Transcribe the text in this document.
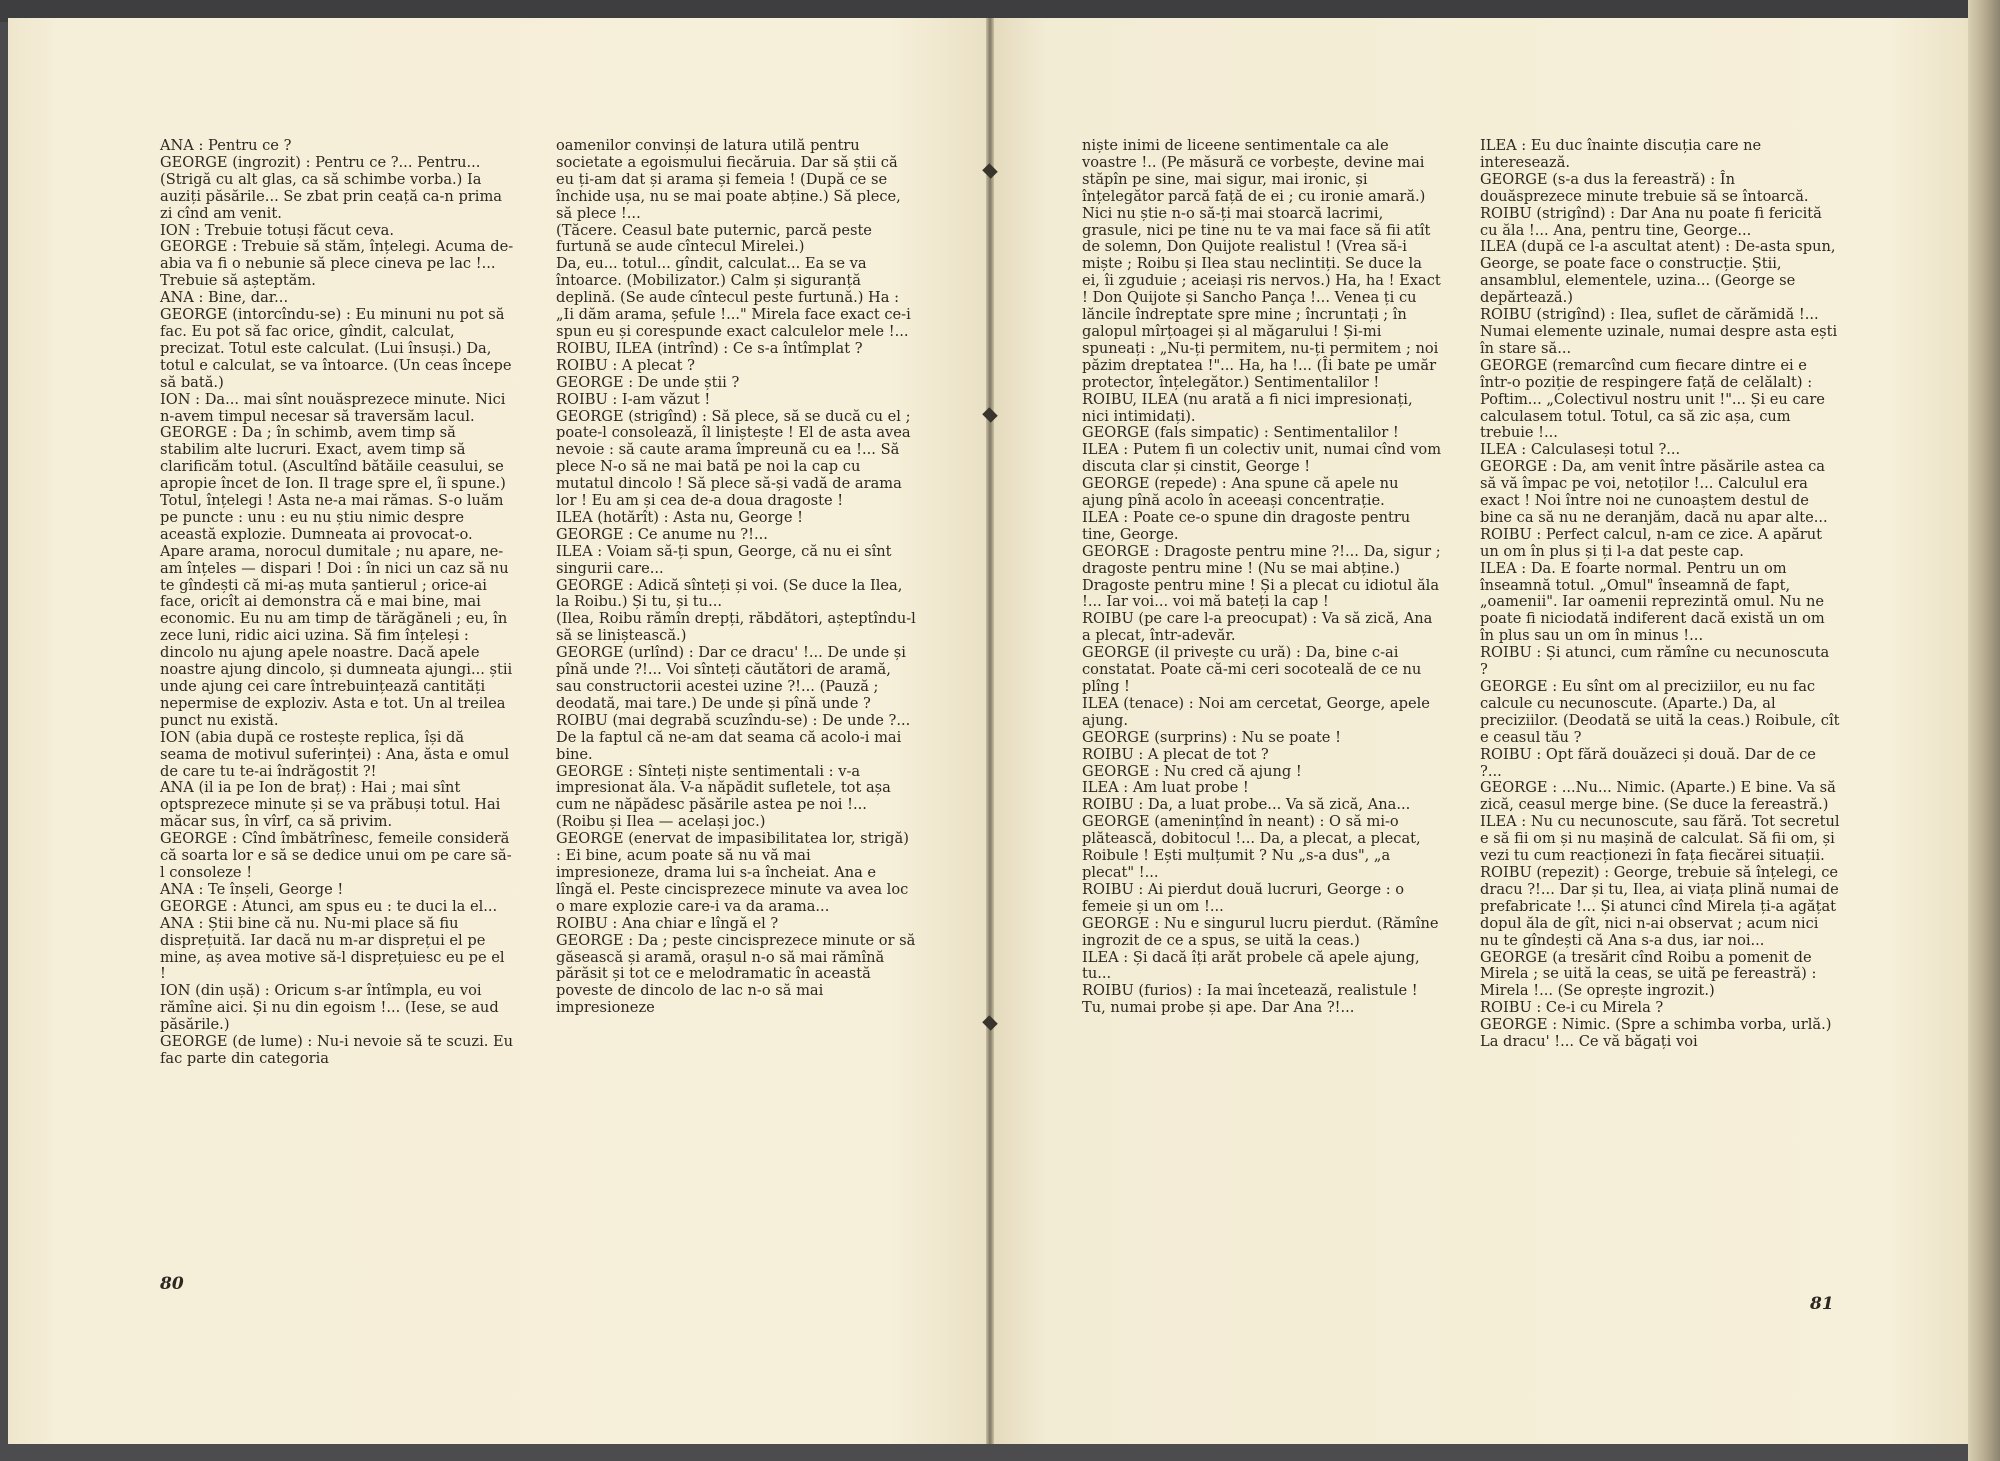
ANA : Pentru ce ?

GEORGE (ingrozit) : Pentru ce ?... Pentru... (Strigă cu alt glas, ca să schimbe vorba.) Ia auziți păsările... Se zbat prin ceață ca-n prima zi cînd am venit.

ION : Trebuie totuși făcut ceva.

GEORGE : Trebuie să stăm, înțelegi. Acuma de-abia va fi o nebunie să plece cineva pe lac !... Trebuie să așteptăm.

ANA : Bine, dar...

GEORGE (intorcîndu-se) : Eu minuni nu pot să fac. Eu pot să fac orice, gîndit, calculat, precizat. Totul este calculat. (Lui însuși.) Da, totul e calculat, se va întoarce. (Un ceas începe să bată.)

ION : Da... mai sînt nouăsprezece minute. Nici n-avem timpul necesar să traversăm lacul.

GEORGE : Da ; în schimb, avem timp să stabilim alte lucruri. Exact, avem timp să clarificăm totul. (Ascultînd bătăile ceasului, se apropie încet de Ion. Il trage spre el, îi spune.) Totul, înțelegi ! Asta ne-a mai rămas. S-o luăm pe puncte : unu : eu nu știu nimic despre această explozie. Dumneata ai provocat-o. Apare arama, norocul dumitale ; nu apare, ne-am înțeles — dispari ! Doi : în nici un caz să nu te gîndești că mi-aș muta șantierul ; orice-ai face, oricît ai demonstra că e mai bine, mai economic. Eu nu am timp de tărăgăneli ; eu, în zece luni, ridic aici uzina. Să fim înțeleși : dincolo nu ajung apele noastre. Dacă apele noastre ajung dincolo, și dumneata ajungi... știi unde ajung cei care întrebuințează cantități nepermise de exploziv. Asta e tot. Un al treilea punct nu există.

ION (abia după ce rostește replica, își dă seama de motivul suferinței) : Ana, ăsta e omul de care tu te-ai îndrăgostit ?!

ANA (il ia pe Ion de braț) : Hai ; mai sînt optsprezece minute și se va prăbuși totul. Hai măcar sus, în vîrf, ca să privim.

GEORGE : Cînd îmbătrînesc, femeile consideră că soarta lor e să se dedice unui om pe care să-l consoleze !

ANA : Te înșeli, George !

GEORGE : Atunci, am spus eu : te duci la el...

ANA : Știi bine că nu. Nu-mi place să fiu disprețuită. Iar dacă nu m-ar disprețui el pe mine, aș avea motive să-l disprețuiesc eu pe el !

ION (din ușă) : Oricum s-ar întîmpla, eu voi rămîne aici. Și nu din egoism !... (Iese, se aud păsările.)

GEORGE (de lume) : Nu-i nevoie să te scuzi. Eu fac parte din categoria

oamenilor convinși de latura utilă pentru societate a egoismului fiecăruia. Dar să știi că eu ți-am dat și arama și femeia ! (După ce se închide ușa, nu se mai poate abține.) Să plece, să plece !...

(Tăcere. Ceasul bate puternic, parcă peste furtună se aude cîntecul Mirelei.)

Da, eu... totul... gîndit, calculat... Ea se va întoarce. (Mobilizator.) Calm și siguranță deplină. (Se aude cîntecul peste furtună.) Ha : „Ii dăm arama, șefule !..." Mirela face exact ce-i spun eu și corespunde exact calculelor mele !...

ROIBU, ILEA (intrînd) : Ce s-a întîmplat ?

ROIBU : A plecat ?

GEORGE : De unde știi ?

ROIBU : I-am văzut !

GEORGE (strigînd) : Să plece, să se ducă cu el ; poate-l consolează, îl liniștește ! El de asta avea nevoie : să caute arama împreună cu ea !... Să plece N-o să ne mai bată pe noi la cap cu mutatul dincolo ! Să plece să-și vadă de arama lor ! Eu am și cea de-a doua dragoste !

ILEA (hotărît) : Asta nu, George !

GEORGE : Ce anume nu ?!...

ILEA : Voiam să-ți spun, George, că nu ei sînt singurii care...

GEORGE : Adică sînteți și voi. (Se duce la Ilea, la Roibu.) Și tu, și tu...

(Ilea, Roibu rămîn drepți, răbdători, așteptîndu-l să se liniștească.)

GEORGE (urlînd) : Dar ce dracu' !... De unde și pînă unde ?!... Voi sînteți căutători de aramă, sau constructorii acestei uzine ?!... (Pauză ; deodată, mai tare.) De unde și pînă unde ?

ROIBU (mai degrabă scuzîndu-se) : De unde ?... De la faptul că ne-am dat seama că acolo-i mai bine.

GEORGE : Sînteți niște sentimentali : v-a impresionat ăla. V-a năpădit sufletele, tot așa cum ne năpădesc păsările astea pe noi !...

(Roibu și Ilea — același joc.)

GEORGE (enervat de impasibilitatea lor, strigă) : Ei bine, acum poate să nu vă mai impresioneze, drama lui s-a încheiat. Ana e lîngă el. Peste cincisprezece minute va avea loc o mare explozie care-i va da arama...

ROIBU : Ana chiar e lîngă el ?

GEORGE : Da ; peste cincisprezece minute or să găsească și aramă, orașul n-o să mai rămînă părăsit și tot ce e melodramatic în această poveste de dincolo de lac n-o să mai impresioneze

80

niște inimi de liceene sentimentale ca ale voastre !.. (Pe măsură ce vorbește, devine mai stăpîn pe sine, mai sigur, mai ironic, și înțelegător parcă față de ei ; cu ironie amară.) Nici nu știe n-o să-ți mai stoarcă lacrimi, grasule, nici pe tine nu te va mai face să fii atît de solemn, Don Quijote realistul ! (Vrea să-i miște ; Roibu și Ilea stau neclintiți. Se duce la ei, îi zguduie ; aceiași ris nervos.) Ha, ha ! Exact ! Don Quijote și Sancho Pança !... Venea ți cu lăncile îndreptate spre mine ; încruntați ; în galopul mîrțoagei și al măgarului ! Și-mi spuneați : „Nu-ți permitem, nu-ți permitem ; noi păzim dreptatea !"... Ha, ha !... (Îi bate pe umăr protector, înțelegător.) Sentimentalilor !

ROIBU, ILEA (nu arată a fi nici impresionați, nici intimidați).

GEORGE (fals simpatic) : Sentimentalilor !

ILEA : Putem fi un colectiv unit, numai cînd vom discuta clar și cinstit, George !

GEORGE (repede) : Ana spune că apele nu ajung pînă acolo în aceeași concentrație.

ILEA : Poate ce-o spune din dragoste pentru tine, George.

GEORGE : Dragoste pentru mine ?!... Da, sigur ; dragoste pentru mine ! (Nu se mai abține.) Dragoste pentru mine ! Și a plecat cu idiotul ăla !... Iar voi... voi mă bateți la cap !

ROIBU (pe care l-a preocupat) : Va să zică, Ana a plecat, într-adevăr.

GEORGE (il privește cu ură) : Da, bine c-ai constatat. Poate că-mi ceri socoteală de ce nu plîng !

ILEA (tenace) : Noi am cercetat, George, apele ajung.

GEORGE (surprins) : Nu se poate !

ROIBU : A plecat de tot ?

GEORGE : Nu cred că ajung !

ILEA : Am luat probe !

ROIBU : Da, a luat probe... Va să zică, Ana...

GEORGE (amenințînd în neant) : O să mi-o plătească, dobitocul !... Da, a plecat, a plecat, Roibule ! Ești mulțumit ? Nu „s-a dus", „a plecat" !...

ROIBU : Ai pierdut două lucruri, George : o femeie și un om !...

GEORGE : Nu e singurul lucru pierdut. (Rămîne ingrozit de ce a spus, se uită la ceas.)

ILEA : Și dacă îți arăt probele că apele ajung, tu...

ROIBU (furios) : Ia mai încetează, realistule ! Tu, numai probe și ape. Dar Ana ?!...

ILEA : Eu duc înainte discuția care ne interesează.

GEORGE (s-a dus la fereastră) : În douăsprezece minute trebuie să se întoarcă.

ROIBU (strigînd) : Dar Ana nu poate fi fericită cu ăla !... Ana, pentru tine, George...

ILEA (după ce l-a ascultat atent) : De-asta spun, George, se poate face o construcție. Știi, ansamblul, elementele, uzina... (George se depărtează.)

ROIBU (strigînd) : Ilea, suflet de cărămidă !... Numai elemente uzinale, numai despre asta ești în stare să...

GEORGE (remarcînd cum fiecare dintre ei e într-o poziție de respingere față de celălalt) : Poftim... „Colectivul nostru unit !"... Și eu care calculasem totul. Totul, ca să zic așa, cum trebuie !...

ILEA : Calculaseși totul ?...

GEORGE : Da, am venit între păsările astea ca să vă împac pe voi, netoților !... Calculul era exact ! Noi între noi ne cunoaștem destul de bine ca să nu ne deranjăm, dacă nu apar alte...

ROIBU : Perfect calcul, n-am ce zice. A apărut un om în plus și ți l-a dat peste cap.

ILEA : Da. E foarte normal. Pentru un om înseamnă totul. „Omul" înseamnă de fapt, „oamenii". Iar oamenii reprezintă omul. Nu ne poate fi niciodată indiferent dacă există un om în plus sau un om în minus !...

ROIBU : Și atunci, cum rămîne cu necunoscuta ?

GEORGE : Eu sînt om al preciziilor, eu nu fac calcule cu necunoscute. (Aparte.) Da, al preciziilor. (Deodată se uită la ceas.) Roibule, cît e ceasul tău ?

ROIBU : Opt fără douăzeci și două. Dar de ce ?...

GEORGE : ...Nu... Nimic. (Aparte.) E bine. Va să zică, ceasul merge bine. (Se duce la fereastră.)

ILEA : Nu cu necunoscute, sau fără. Tot secretul e să fii om și nu mașină de calculat. Să fii om, și vezi tu cum reacționezi în fața fiecărei situații.

ROIBU (repezit) : George, trebuie să înțelegi, ce dracu ?!... Dar și tu, Ilea, ai viața plină numai de prefabricate !... Și atunci cînd Mirela ți-a agățat dopul ăla de gît, nici n-ai observat ; acum nici nu te gîndești că Ana s-a dus, iar noi...

GEORGE (a tresărit cînd Roibu a pomenit de Mirela ; se uită la ceas, se uită pe fereastră) : Mirela !... (Se oprește ingrozit.)

ROIBU : Ce-i cu Mirela ?

GEORGE : Nimic. (Spre a schimba vorba, urlă.) La dracu' !... Ce vă băgați voi

81
